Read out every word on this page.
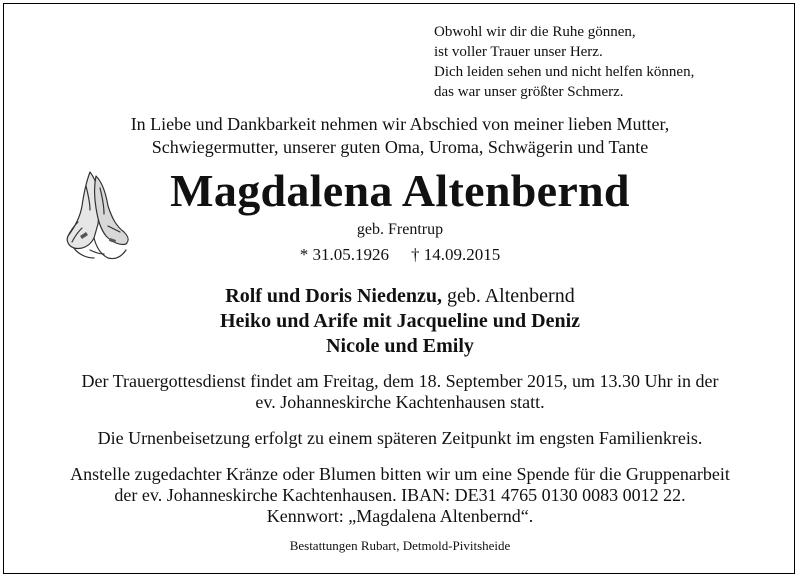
Obwohl wir dir die Ruhe gönnen,
ist voller Trauer unser Herz.
Dich leiden sehen und nicht helfen können,
das war unser größter Schmerz.
In Liebe und Dankbarkeit nehmen wir Abschied von meiner lieben Mutter,
Schwiegermutter, unserer guten Oma, Uroma, Schwägerin und Tante
Magdalena Altenbernd
geb. Frentrup
* 31.05.1926 † 14.09.2015
Rolf und Doris Niedenzu, geb. Altenbernd
Heiko und Arife mit Jacqueline und Deniz
Nicole und Emily
Der Trauergottesdienst findet am Freitag, dem 18. September 2015, um 13.30 Uhr in der
ev. Johanneskirche Kachtenhausen statt.
Die Urnenbeisetzung erfolgt zu einem späteren Zeitpunkt im engsten Familienkreis.
Anstelle zugedachter Kränze oder Blumen bitten wir um eine Spende für die Gruppenarbeit
der ev. Johanneskirche Kachtenhausen. IBAN: DE31 4765 0130 0083 0012 22.
Kennwort: „Magdalena Altenbernd“.
Bestattungen Rubart, Detmold-Pivitsheide
